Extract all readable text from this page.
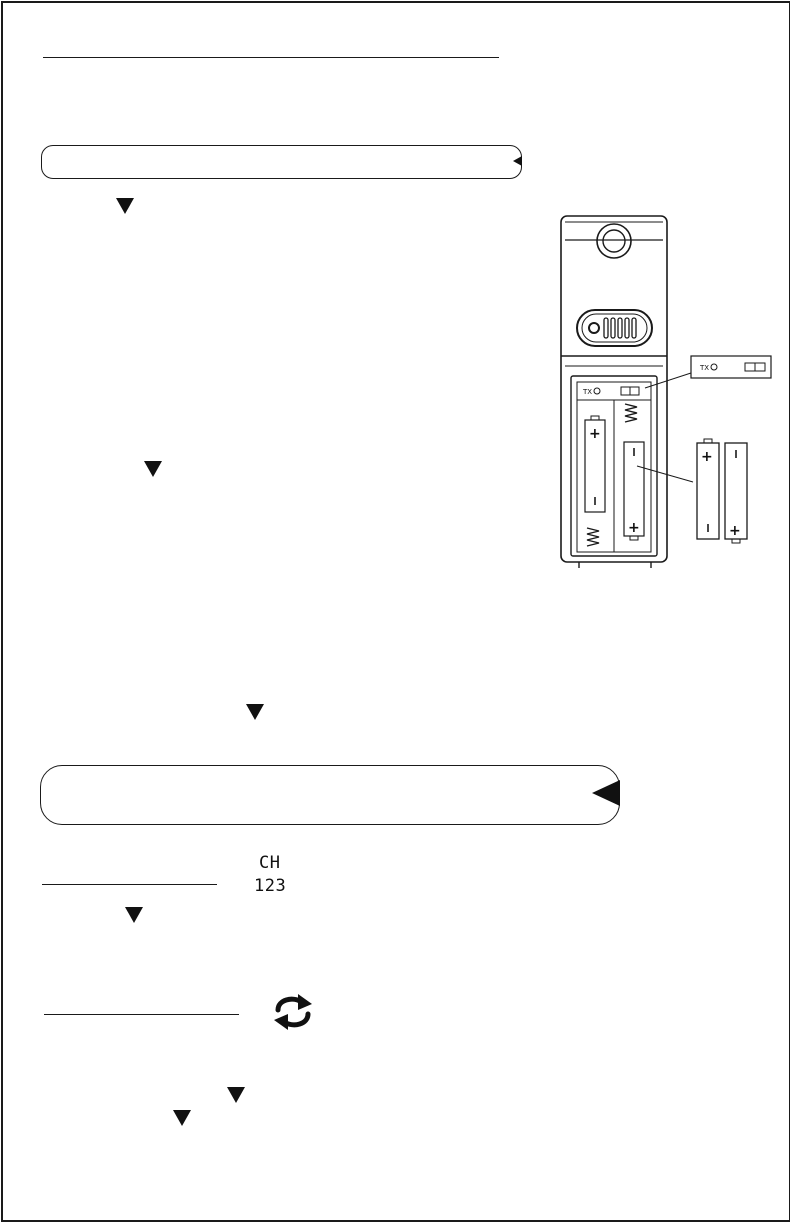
TX
+
+
TX
+
+
CH
123
